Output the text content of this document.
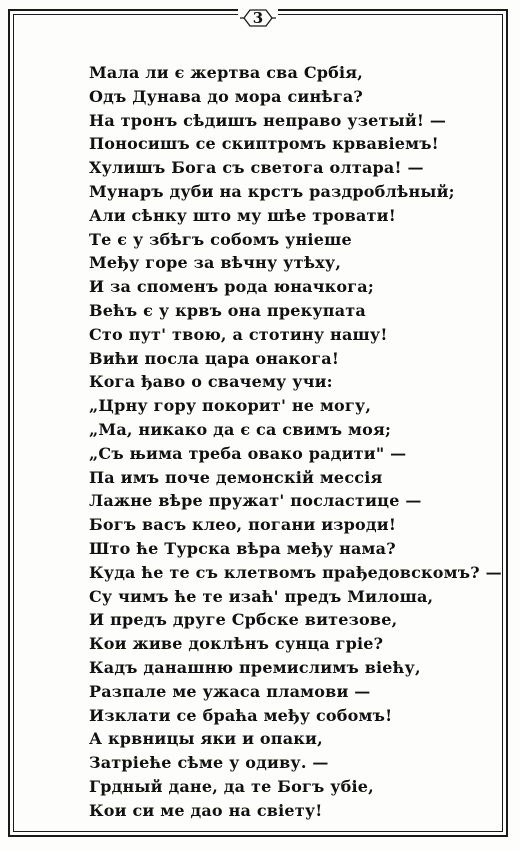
3
Мала ли є жертва сва Србія,
Одъ Дунава до мора синѣга?
На тронъ сѣдишъ неправо узетый! —
Поносишъ се скиптромъ крвавіемъ!
Хулишъ Бога съ светога олтара! —
Мунаръ дуби на крстъ раздроблѣный;
Али сѣнку што му шѣе тровати!
Те є у збѣгъ собомъ уніеше
Међу горе за вѣчну утѣху,
И за споменъ рода юначкога;
Већъ є у крвъ она прекупата
Сто пут' твою, а стотину нашу!
Вићи посла цара онакога!
Кога ђаво о свачему учи:
„Црну гору покорит' не могу,
„Ма, никако да є са свимъ моя;
„Съ њима треба овако радити" —
Па имъ поче демонскій мессія
Лажне вѣре пружат' посластице —
Богъ васъ клео, погани изроди!
Што ће Турска вѣра међу нама?
Куда ће те съ клетвомъ прађедовскомъ? —
Су чимъ ће те изаћ' предъ Милоша,
И предъ друге Србске витезове,
Кои живе доклѣнъ сунца гріе?
Кадъ данашню премислимъ віећу,
Разпале ме ужаса пламови —
Изклати се браћа међу собомъ!
А крвницы яки и опаки,
Затріеће сѣме у одиву. —
Грдный дане, да те Богъ убіе,
Кои си ме дао на свіету!
